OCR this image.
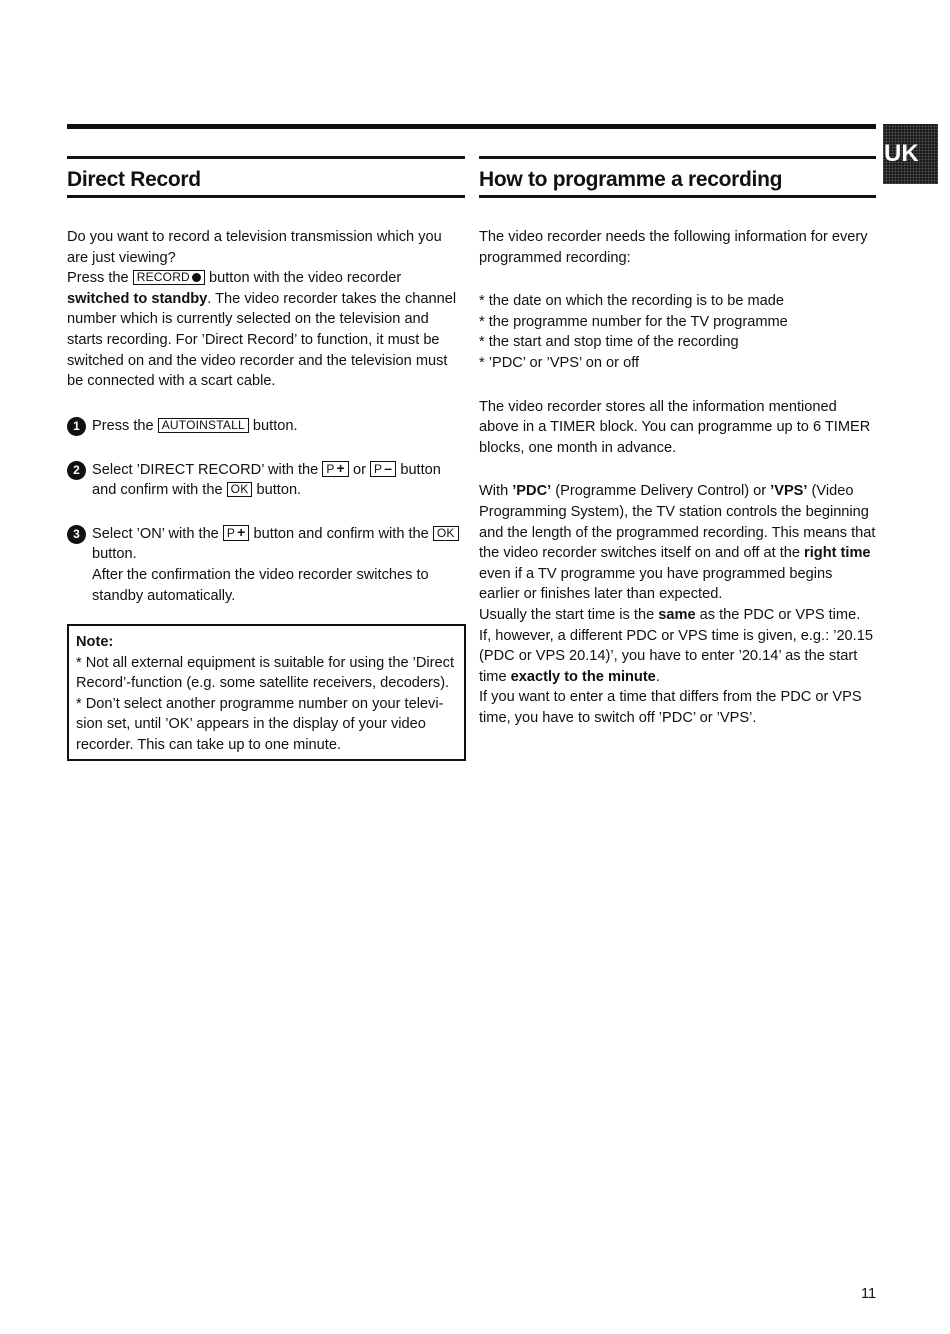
UK
Direct Record

Do you want to record a television transmission which you are just viewing?

Press the RECORD button with the video recorder switched to standby. The video recorder takes the channel number which is currently selected on the television and starts recording. For ’Direct Record’ to function, it must be switched on and the video recorder and the television must be connected with a scart cable.

1 Press the AUTOINSTALL button.
2 Select ’DIRECT RECORD’ with the P + or P – button and confirm with the OK button.
3 Select ’ON’ with the P + button and confirm with the OK button.
After the confirmation the video recorder switches to standby automatically.

Note:

* Not all external equipment is suitable for using the ’Direct Record’-function (e.g. some satellite receivers, decoders).

* Don’t select another programme number on your televi-sion set, until ’OK’ appears in the display of your video recorder. This can take up to one minute.

How to programme a recording

The video recorder needs the following information for every programmed recording:

* the date on which the recording is to be made

* the programme number for the TV programme

* the start and stop time of the recording

* ’PDC’ or ’VPS’ on or off

The video recorder stores all the information mentioned above in a TIMER block. You can programme up to 6 TIMER blocks, one month in advance.

With ’PDC’ (Programme Delivery Control) or ’VPS’ (Video Programming System), the TV station controls the beginning and the length of the programmed recording. This means that the video recorder switches itself on and off at the right time even if a TV programme you have programmed begins earlier or finishes later than expected.

Usually the start time is the same as the PDC or VPS time. If, however, a different PDC or VPS time is given, e.g.: ’20.15 (PDC or VPS 20.14)’, you have to enter ’20.14’ as the start time exactly to the minute.

If you want to enter a time that differs from the PDC or VPS time, you have to switch off ’PDC’ or ’VPS’.

11
